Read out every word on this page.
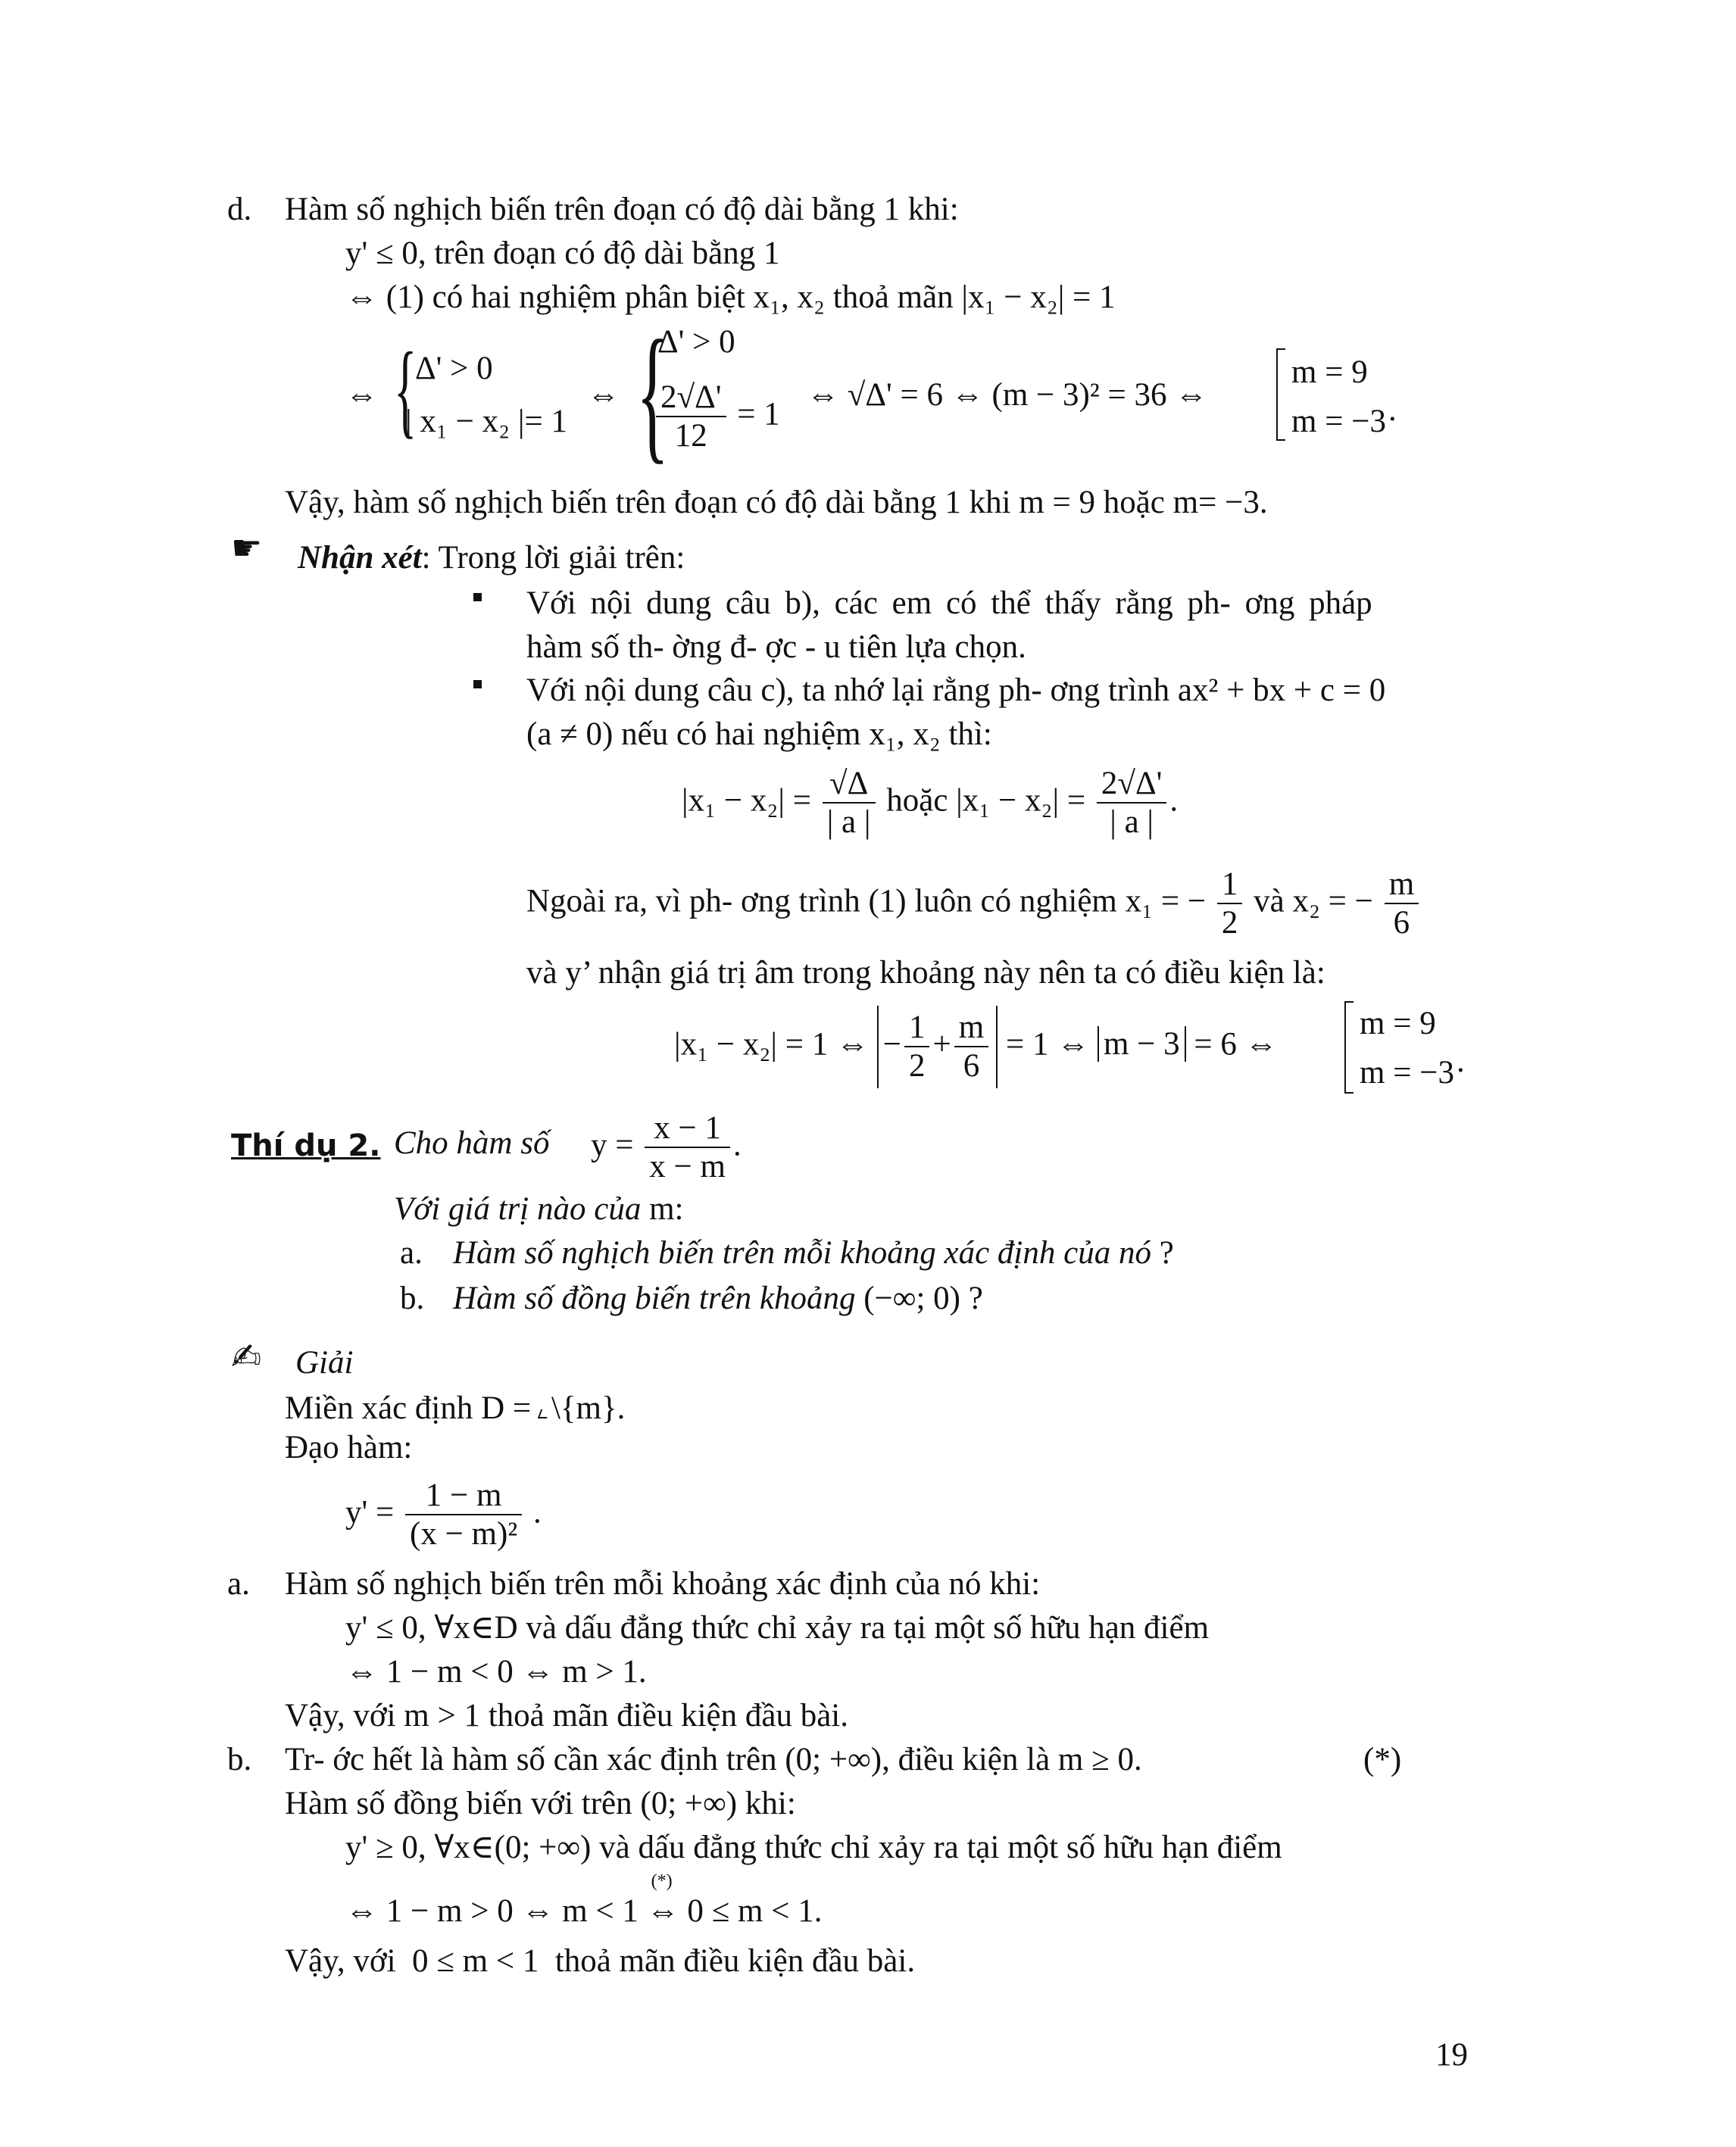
d. Hàm số nghịch biến trên đoạn có độ dài bằng 1 khi:
y' ≤ 0, trên đoạn có độ dài bằng 1
⇔ (1) có hai nghiệm phân biệt x₁, x₂ thoả mãn |x₁ − x₂| = 1
⇔ {
Δ' > 0
| x₁ − x₂ |= 1
⇔ {
Δ' > 0
$\frac{2√\Delta'}{12} = 1$
⇔ √Δ' = 6 ⇔ (m − 3)² = 36 ⇔
m = 9
m = −3 .
Vậy, hàm số nghịch biến trên đoạn có độ dài bằng 1 khi m = 9 hoặc m= −3.
☛ Nhận xét: Trong lời giải trên:
Với nội dung câu b), các em có thể thấy rằng ph- ơng pháp
hàm số th- ờng đ- ợc - u tiên lựa chọn.
Với nội dung câu c), ta nhớ lại rằng ph- ơng trình ax² + bx + c = 0
(a ≠ 0) nếu có hai nghiệm x₁, x₂ thì:
$|x_1 - x_2| = \frac{√\Delta}{| a |}$ hoặc $|x_1 - x_2| = \frac{2√\Delta'}{| a |}$ .
Ngoài ra, vì ph- ơng trình (1) luôn có nghiệm x₁ = − $\frac{1}{2}$ và x₂ = − $\frac{m}{6}$
và y’ nhận giá trị âm trong khoảng này nên ta có điều kiện là:
|x₁ − x₂| = 1 ⇔ − $\frac{1}{2} + \frac{m}{6} = 1$ ⇔ m − 3 = 6 ⇔
m = 9
m = −3 .
Thí dụ 2. Cho hàm số $y = \frac{x - 1}{x - m}$ .
Với giá trị nào của m:
a. Hàm số nghịch biến trên mỗi khoảng xác định của nó ?
b. Hàm số đồng biến trên khoảng (−∞; 0) ?
✍ Giải
Miền xác định D = \{m}.
Đạo hàm:
$y' = \frac{1 - m}{\text{(x − m)²}}$ .
a. Hàm số nghịch biến trên mỗi khoảng xác định của nó khi:
y' ≤ 0, ∀x∈D và dấu đẳng thức chỉ xảy ra tại một số hữu hạn điểm
⇔ 1 − m < 0 ⇔ m > 1.
Vậy, với m > 1 thoả mãn điều kiện đầu bài.
b. Tr- ớc hết là hàm số cần xác định trên (0; +∞), điều kiện là m ≥ 0.	(*)
Hàm số đồng biến với trên (0; +∞) khi:
y' ≥ 0, ∀x∈(0; +∞) và dấu đẳng thức chỉ xảy ra tại một số hữu hạn điểm
⇔ 1 − m > 0 ⇔ m < 1
(*)
⇔ 0 ≤ m < 1.
Vậy, với  0 ≤ m < 1  thoả mãn điều kiện đầu bài.
19
